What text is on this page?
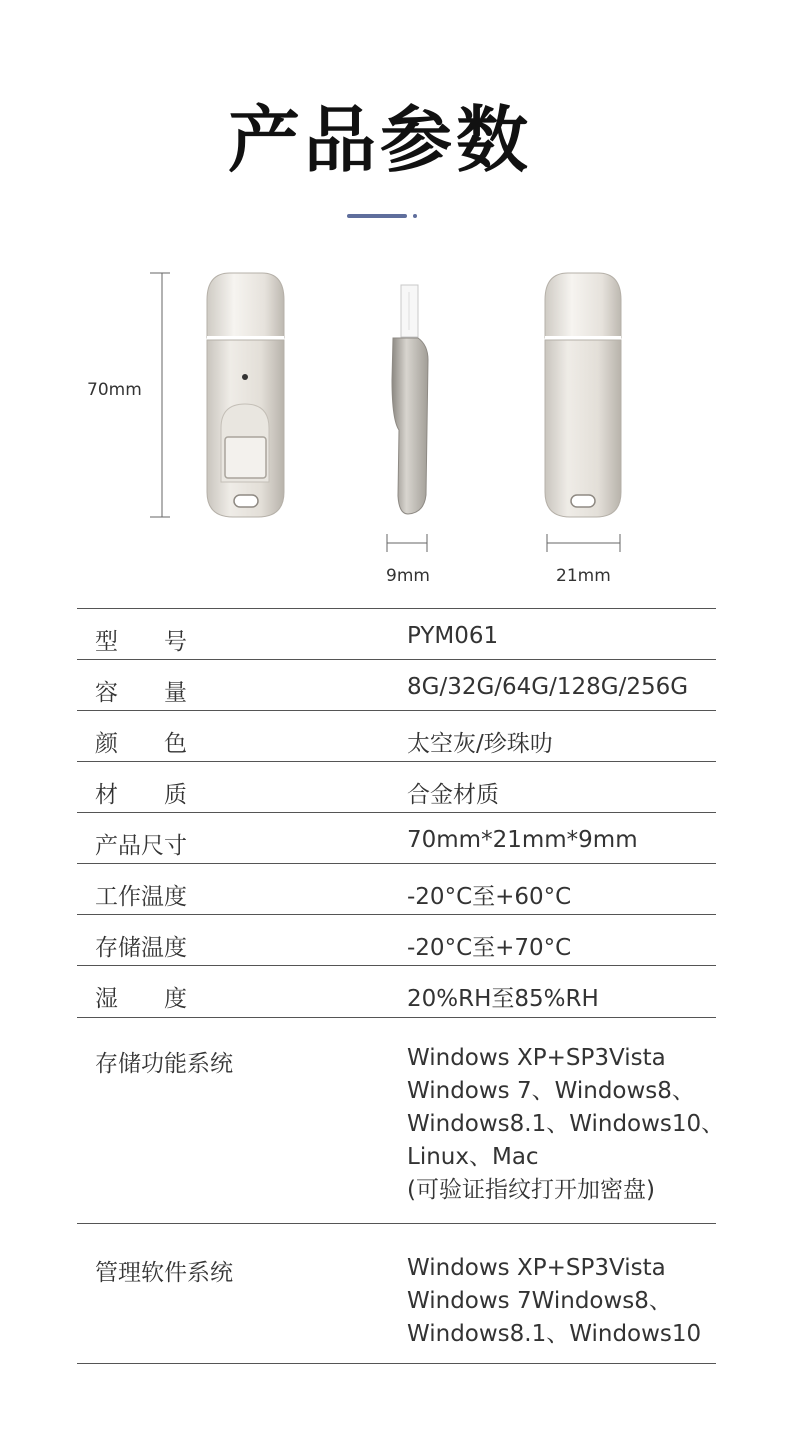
产品参数
70mm
9mm	21mm
型　　号	PYM061
容　　量	8G/32G/64G/128G/256G
颜　　色	太空灰/珍珠叻
材　　质	合金材质
产品尺寸	70mm*21mm*9mm
工作温度	-20°C至+60°C
存储温度	-20°C至+70°C
湿　　度	20%RH至85%RH
存储功能系统	Windows XP+SP3Vista
Windows 7、Windows8、
Windows8.1、Windows10、
Linux、Mac
(可验证指纹打开加密盘)
管理软件系统	Windows XP+SP3Vista
Windows 7Windows8、
Windows8.1、Windows10
